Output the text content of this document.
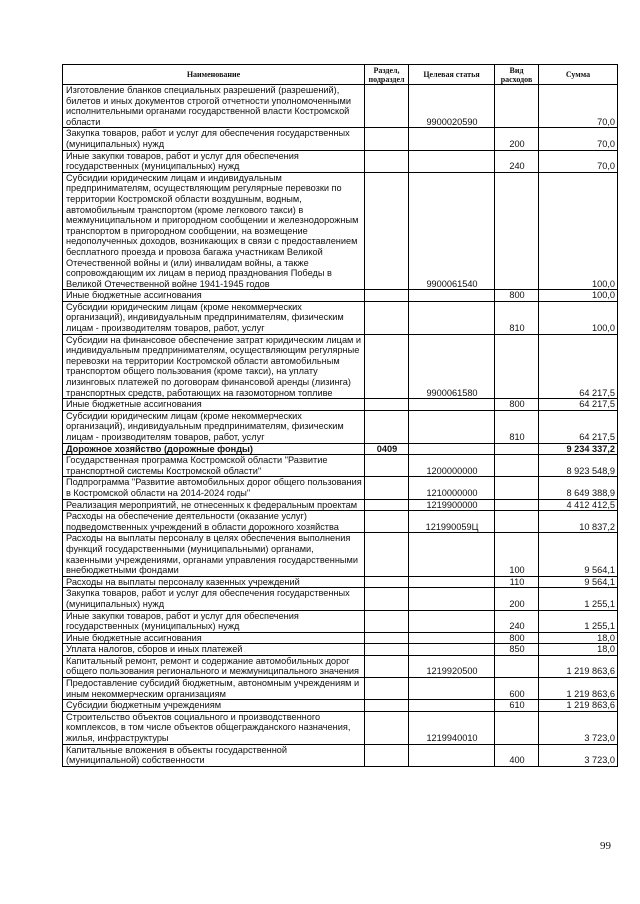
Наименование	Раздел, подраздел	Целевая статья	Вид расходов	Сумма
Изготовление бланков специальных разрешений (разрешений), билетов и иных документов строгой отчетности уполномоченными исполнительными органами государственной власти Костромской области		9900020590		70,0
Закупка товаров, работ и услуг для обеспечения государственных (муниципальных) нужд			200	70,0
Иные закупки товаров, работ и услуг для обеспечения государственных (муниципальных) нужд			240	70,0
Субсидии юридическим лицам и индивидуальным предпринимателям, осуществляющим регулярные перевозки по территории Костромской области воздушным, водным, автомобильным транспортом (кроме легкового такси) в межмуниципальном и пригородном сообщении и железнодорожным транспортом в пригородном сообщении, на возмещение недополученных доходов, возникающих в связи с предоставлением бесплатного проезда и провоза багажа участникам Великой Отечественной войны и (или) инвалидам войны, а также сопровождающим их лицам в период празднования Победы в Великой Отечественной войне 1941-1945 годов		9900061540		100,0
Иные бюджетные ассигнования			800	100,0
Субсидии юридическим лицам (кроме некоммерческих организаций), индивидуальным предпринимателям, физическим лицам - производителям товаров, работ, услуг			810	100,0
Субсидии на финансовое обеспечение затрат юридическим лицам и индивидуальным предпринимателям, осуществляющим регулярные перевозки на территории Костромской области автомобильным транспортом общего пользования (кроме такси), на уплату лизинговых платежей по договорам финансовой аренды (лизинга) транспортных средств, работающих на газомоторном топливе		9900061580		64 217,5
Иные бюджетные ассигнования			800	64 217,5
Субсидии юридическим лицам (кроме некоммерческих организаций), индивидуальным предпринимателям, физическим лицам - производителям товаров, работ, услуг			810	64 217,5
Дорожное хозяйство (дорожные фонды)	0409			9 234 337,2
Государственная программа Костромской области "Развитие транспортной системы Костромской области"		1200000000		8 923 548,9
Подпрограмма "Развитие автомобильных дорог общего пользования в Костромской области на 2014-2024 годы"		1210000000		8 649 388,9
Реализация мероприятий, не отнесенных к федеральным проектам		1219900000		4 412 412,5
Расходы на обеспечение деятельности (оказание услуг) подведомственных учреждений в области дорожного хозяйства		121990059Ц		10 837,2
Расходы на выплаты персоналу в целях обеспечения выполнения функций государственными (муниципальными) органами, казенными учреждениями, органами управления государственными внебюджетными фондами			100	9 564,1
Расходы на выплаты персоналу казенных учреждений			110	9 564,1
Закупка товаров, работ и услуг для обеспечения государственных (муниципальных) нужд			200	1 255,1
Иные закупки товаров, работ и услуг для обеспечения государственных (муниципальных) нужд			240	1 255,1
Иные бюджетные ассигнования			800	18,0
Уплата налогов, сборов и иных платежей			850	18,0
Капитальный ремонт, ремонт и содержание автомобильных дорог общего пользования регионального и межмуниципального значения		1219920500		1 219 863,6
Предоставление субсидий бюджетным, автономным учреждениям и иным некоммерческим организациям			600	1 219 863,6
Субсидии бюджетным учреждениям			610	1 219 863,6
Строительство объектов социального и производственного комплексов, в том числе объектов общегражданского назначения, жилья, инфраструктуры		1219940010		3 723,0
Капитальные вложения в объекты государственной (муниципальной) собственности			400	3 723,0
99
